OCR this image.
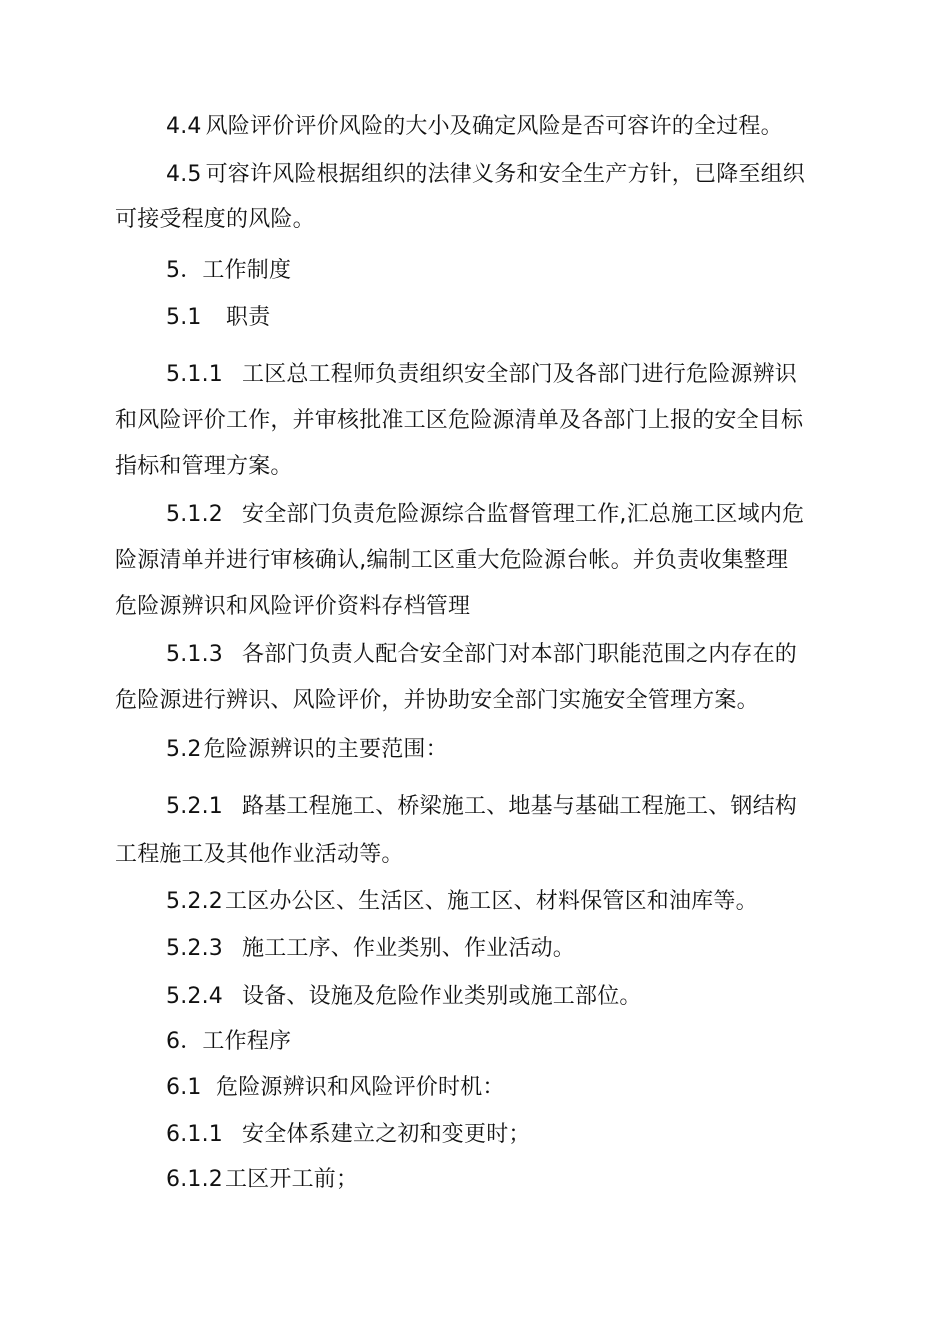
4.4 风险评价评价风险的大小及确定风险是否可容许的全过程。
4.5 可容许风险根据组织的法律义务和安全生产方针，已降至组织
可接受程度的风险。
5．工作制度
5.1 职责
5.1.1 工区总工程师负责组织安全部门及各部门进行危险源辨识
和风险评价工作，并审核批准工区危险源清单及各部门上报的安全目标
指标和管理方案。
5.1.2 安全部门负责危险源综合监督管理工作,汇总施工区域内危
险源清单并进行审核确认,编制工区重大危险源台帐。并负责收集整理
危险源辨识和风险评价资料存档管理
5.1.3 各部门负责人配合安全部门对本部门职能范围之内存在的
危险源进行辨识、风险评价，并协助安全部门实施安全管理方案。
5.2危险源辨识的主要范围：
5.2.1 路基工程施工、桥梁施工、地基与基础工程施工、钢结构
工程施工及其他作业活动等。
5.2.2工区办公区、生活区、施工区、材料保管区和油库等。
5.2.3 施工工序、作业类别、作业活动。
5.2.4 设备、设施及危险作业类别或施工部位。
6．工作程序
6.1 危险源辨识和风险评价时机：
6.1.1 安全体系建立之初和变更时；
6.1.2工区开工前；
